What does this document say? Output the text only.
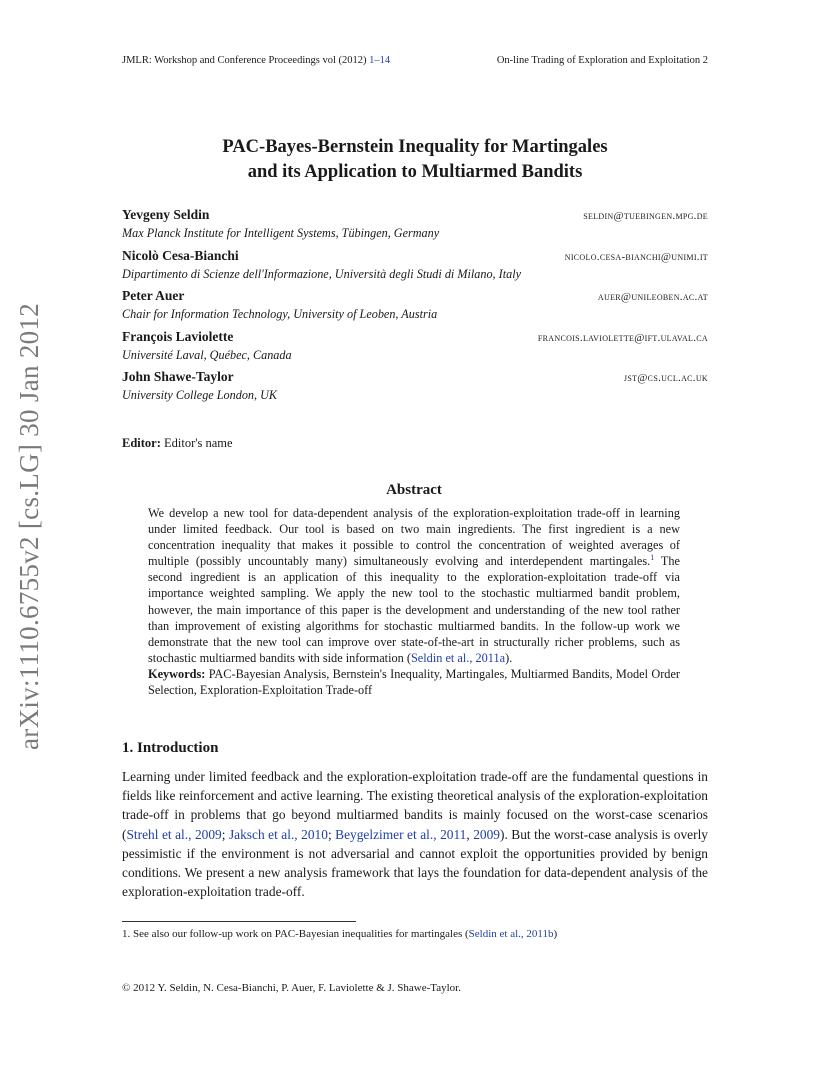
JMLR: Workshop and Conference Proceedings vol (2012) 1–14	On-line Trading of Exploration and Exploitation 2
arXiv:1110.6755v2 [cs.LG] 30 Jan 2012
PAC-Bayes-Bernstein Inequality for Martingales
and its Application to Multiarmed Bandits
Yevgeny Seldin	seldin@tuebingen.mpg.de
Max Planck Institute for Intelligent Systems, Tübingen, Germany
Nicolò Cesa-Bianchi	nicolo.cesa-bianchi@unimi.it
Dipartimento di Scienze dell'Informazione, Università degli Studi di Milano, Italy
Peter Auer	auer@unileoben.ac.at
Chair for Information Technology, University of Leoben, Austria
François Laviolette	francois.laviolette@ift.ulaval.ca
Université Laval, Québec, Canada
John Shawe-Taylor	jst@cs.ucl.ac.uk
University College London, UK
Editor: Editor's name
Abstract

We develop a new tool for data-dependent analysis of the exploration-exploitation trade-off in learning under limited feedback. Our tool is based on two main ingredients. The first ingredient is a new concentration inequality that makes it possible to control the concentration of weighted averages of multiple (possibly uncountably many) simultaneously evolving and interdependent martingales.$^1$ The second ingredient is an application of this inequality to the exploration-exploitation trade-off via importance weighted sampling. We apply the new tool to the stochastic multiarmed bandit problem, however, the main importance of this paper is the development and understanding of the new tool rather than improvement of existing algorithms for stochastic multiarmed bandits. In the follow-up work we demonstrate that the new tool can improve over state-of-the-art in structurally richer problems, such as stochastic multiarmed bandits with side information (Seldin et al., 2011a).

Keywords: PAC-Bayesian Analysis, Bernstein's Inequality, Martingales, Multiarmed Bandits, Model Order Selection, Exploration-Exploitation Trade-off

1. Introduction

Learning under limited feedback and the exploration-exploitation trade-off are the fundamental questions in fields like reinforcement and active learning. The existing theoretical analysis of the exploration-exploitation trade-off in problems that go beyond multiarmed bandits is mainly focused on the worst-case scenarios (Strehl et al., 2009; Jaksch et al., 2010; Beygelzimer et al., 2011, 2009). But the worst-case analysis is overly pessimistic if the environment is not adversarial and cannot exploit the opportunities provided by benign conditions. We present a new analysis framework that lays the foundation for data-dependent analysis of the exploration-exploitation trade-off.

1. See also our follow-up work on PAC-Bayesian inequalities for martingales (Seldin et al., 2011b)
© 2012 Y. Seldin, N. Cesa-Bianchi, P. Auer, F. Laviolette & J. Shawe-Taylor.
